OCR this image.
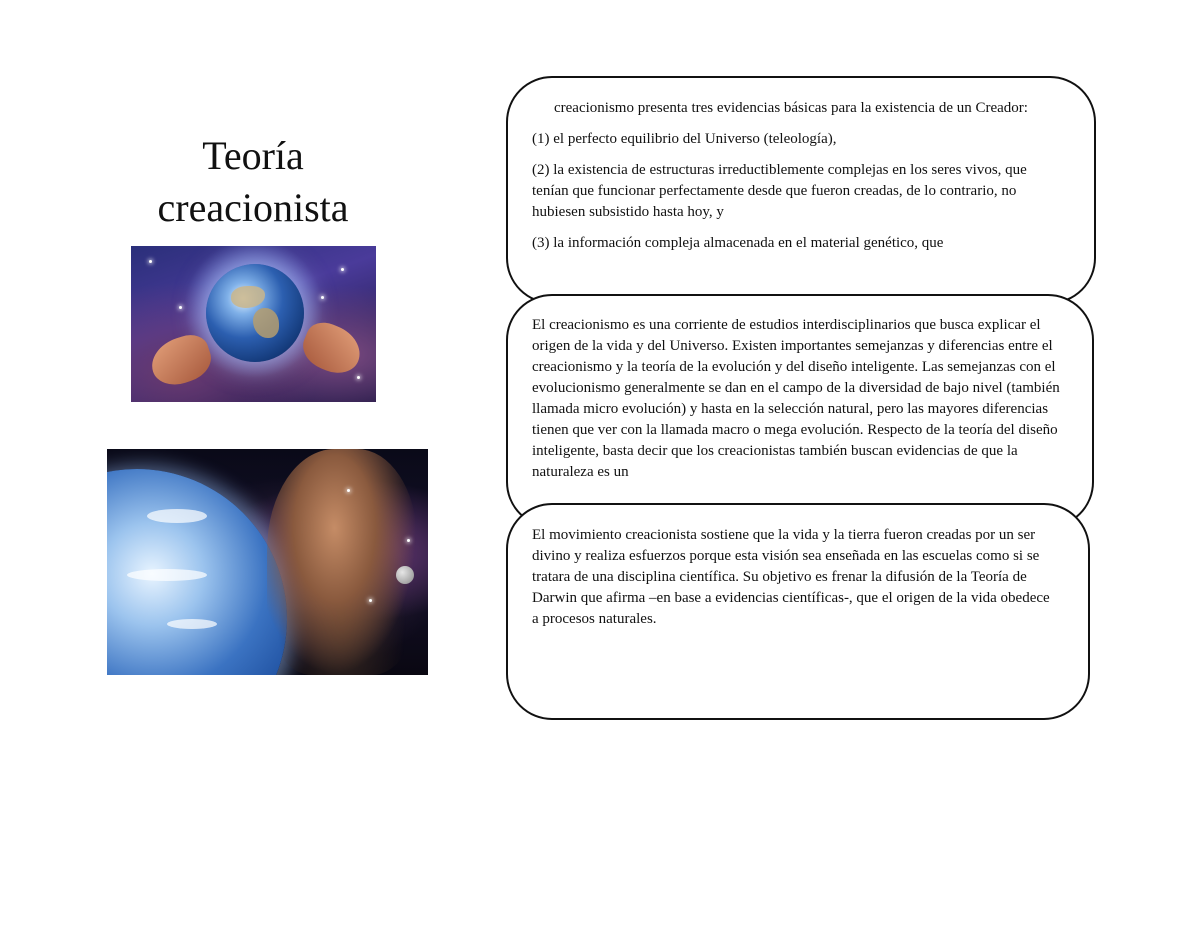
Teoría
creacionista

creacionismo presenta tres evidencias básicas para la existencia de un Creador:

(1) el perfecto equilibrio del Universo (teleología),

(2) la existencia de estructuras irreductiblemente complejas en los seres vivos, que tenían que funcionar perfectamente desde que fueron creadas, de lo contrario, no hubiesen subsistido hasta hoy, y

(3) la información compleja almacenada en el material genético, que

El creacionismo es una corriente de estudios interdisciplinarios que busca explicar el origen de la vida y del Universo. Existen importantes semejanzas y diferencias entre el creacionismo y la teoría de la evolución y del diseño inteligente. Las semejanzas con el evolucionismo generalmente se dan en el campo de la diversidad de bajo nivel (también llamada micro evolución) y hasta en la selección natural, pero las mayores diferencias tienen que ver con la llamada macro o mega evolución. Respecto de la teoría del diseño inteligente, basta decir que los creacionistas también buscan evidencias de que la naturaleza es un

El movimiento creacionista sostiene que la vida y la tierra fueron creadas por un ser divino y realiza esfuerzos porque esta visión sea enseñada en las escuelas como si se tratara de una disciplina científica. Su objetivo es frenar la difusión de la Teoría de Darwin que afirma –en base a evidencias científicas-, que el origen de la vida obedece a procesos naturales.
